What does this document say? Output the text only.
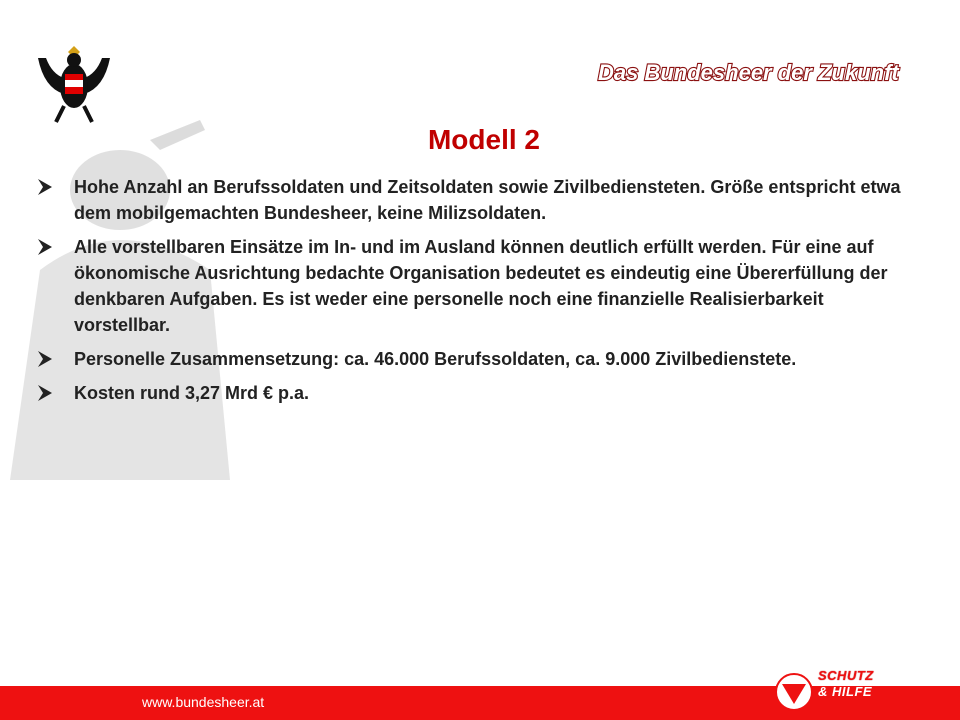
Das Bundesheer der Zukunft
Modell 2
Hohe Anzahl an Berufssoldaten und Zeitsoldaten sowie Zivilbediensteten. Größe entspricht etwa dem mobilgemachten Bundesheer, keine Milizsoldaten.
Alle vorstellbaren Einsätze im In- und im Ausland können deutlich erfüllt werden. Für eine auf ökonomische Ausrichtung bedachte Organisation bedeutet es eindeutig eine Übererfüllung der denkbaren Aufgaben. Es ist weder eine personelle noch eine finanzielle Realisierbarkeit vorstellbar.
Personelle Zusammensetzung: ca. 46.000 Berufssoldaten, ca. 9.000 Zivilbedienstete.
Kosten rund 3,27 Mrd € p.a.
www.bundesheer.at
SCHUTZ
& HILFE
